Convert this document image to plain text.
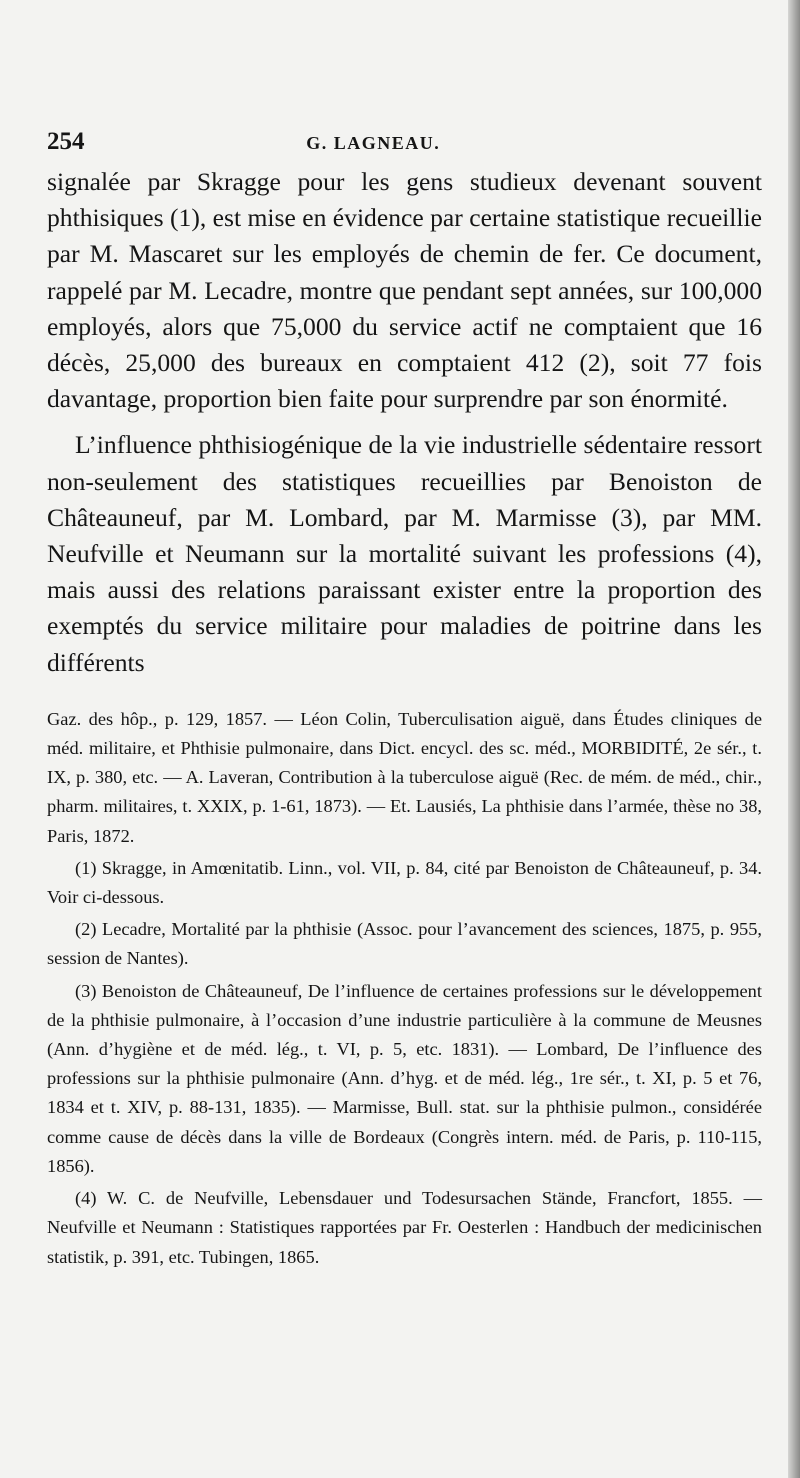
254	G. LAGNEAU.

signalée par Skragge pour les gens studieux devenant souvent phthisiques (1), est mise en évidence par certaine statistique recueillie par M. Mascaret sur les employés de chemin de fer. Ce document, rappelé par M. Lecadre, montre que pendant sept années, sur 100,000 employés, alors que 75,000 du service actif ne comptaient que 16 décès, 25,000 des bureaux en comptaient 412 (2), soit 77 fois davantage, proportion bien faite pour surprendre par son énormité.

L’influence phthisiogénique de la vie industrielle sédentaire ressort non-seulement des statistiques recueillies par Benoiston de Châteauneuf, par M. Lombard, par M. Marmisse (3), par MM. Neufville et Neumann sur la mortalité suivant les professions (4), mais aussi des relations paraissant exister entre la proportion des exemptés du service militaire pour maladies de poitrine dans les différents

Gaz. des hôp., p. 129, 1857. — Léon Colin, Tuberculisation aiguë, dans Études cliniques de méd. militaire, et Phthisie pulmonaire, dans Dict. encycl. des sc. méd., MORBIDITÉ, 2e sér., t. IX, p. 380, etc. — A. Laveran, Contribution à la tuberculose aiguë (Rec. de mém. de méd., chir., pharm. militaires, t. XXIX, p. 1-61, 1873). — Et. Lausiés, La phthisie dans l’armée, thèse no 38, Paris, 1872.

(1) Skragge, in Amœnitatib. Linn., vol. VII, p. 84, cité par Benoiston de Châteauneuf, p. 34. Voir ci-dessous.

(2) Lecadre, Mortalité par la phthisie (Assoc. pour l’avancement des sciences, 1875, p. 955, session de Nantes).

(3) Benoiston de Châteauneuf, De l’influence de certaines professions sur le développement de la phthisie pulmonaire, à l’occasion d’une industrie particulière à la commune de Meusnes (Ann. d’hygiène et de méd. lég., t. VI, p. 5, etc. 1831). — Lombard, De l’influence des professions sur la phthisie pulmonaire (Ann. d’hyg. et de méd. lég., 1re sér., t. XI, p. 5 et 76, 1834 et t. XIV, p. 88-131, 1835). — Marmisse, Bull. stat. sur la phthisie pulmon., considérée comme cause de décès dans la ville de Bordeaux (Congrès intern. méd. de Paris, p. 110-115, 1856).

(4) W. C. de Neufville, Lebensdauer und Todesursachen Stände, Francfort, 1855. — Neufville et Neumann : Statistiques rapportées par Fr. Oesterlen : Handbuch der medicinischen statistik, p. 391, etc. Tubingen, 1865.
